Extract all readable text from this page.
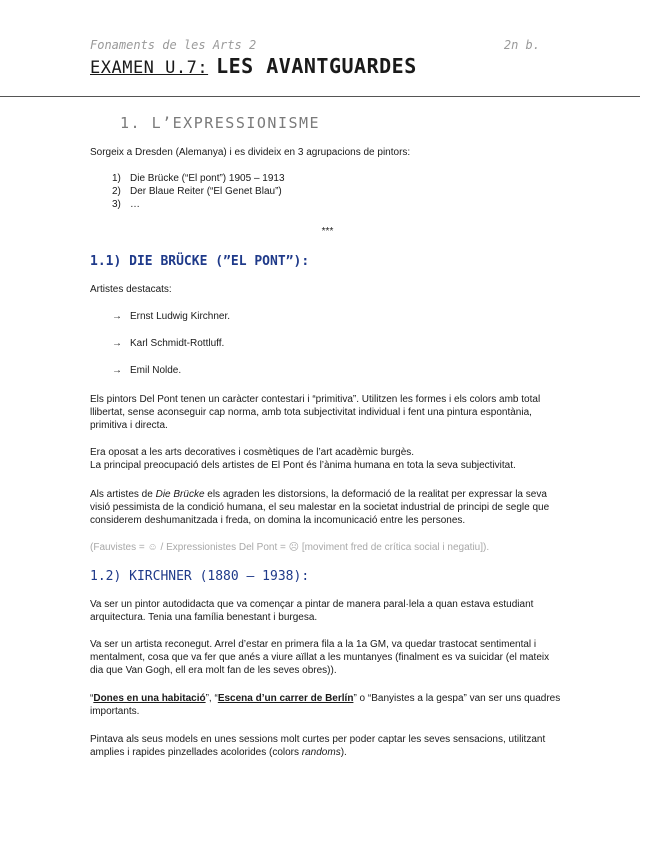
Fonaments de les Arts 2	2n b.
EXAMEN U.7: LES AVANTGUARDES
1. L’EXPRESSIONISME
Sorgeix a Dresden (Alemanya) i es divideix en 3 agrupacions de pintors:
1) Die Brücke (“El pont”) 1905 – 1913
2) Der Blaue Reiter (“El Genet Blau”)
3) …
***
1.1) DIE BRÜCKE (”EL PONT”):
Artistes destacats:
→ Ernst Ludwig Kirchner.
→ Karl Schmidt-Rottluff.
→ Emil Nolde.
Els pintors Del Pont tenen un caràcter contestari i “primitiva”. Utilitzen les formes i els colors amb total llibertat, sense aconseguir cap norma, amb tota subjectivitat individual i fent una pintura espontània, primitiva i directa.

Era oposat a les arts decoratives i cosmètiques de l’art acadèmic burgès.

La principal preocupació dels artistes de El Pont és l’ànima humana en tota la seva subjectivitat.

Als artistes de Die Brücke els agraden les distorsions, la deformació de la realitat per expressar la seva visió pessimista de la condició humana, el seu malestar en la societat industrial de principi de segle que considerem deshumanitzada i freda, on domina la incomunicació entre les persones.
(Fauvistes = ☺ / Expressionistes Del Pont = ☹ [moviment fred de crítica social i negatiu]).
1.2) KIRCHNER (1880 – 1938):
Va ser un pintor autodidacta que va començar a pintar de manera paral·lela a quan estava estudiant arquitectura. Tenia una família benestant i burgesa.
Va ser un artista reconegut. Arrel d’estar en primera fila a la 1a GM, va quedar trastocat sentimental i mentalment, cosa que va fer que anés a viure aïllat a les muntanyes (finalment es va suicidar (el mateix dia que Van Gogh, ell era molt fan de les seves obres)).
“Dones en una habitació”, “Escena d’un carrer de Berlín” o “Banyistes a la gespa” van ser uns quadres importants.
Pintava als seus models en unes sessions molt curtes per poder captar les seves sensacions, utilitzant amplies i rapides pinzellades acolorides (colors randoms).
